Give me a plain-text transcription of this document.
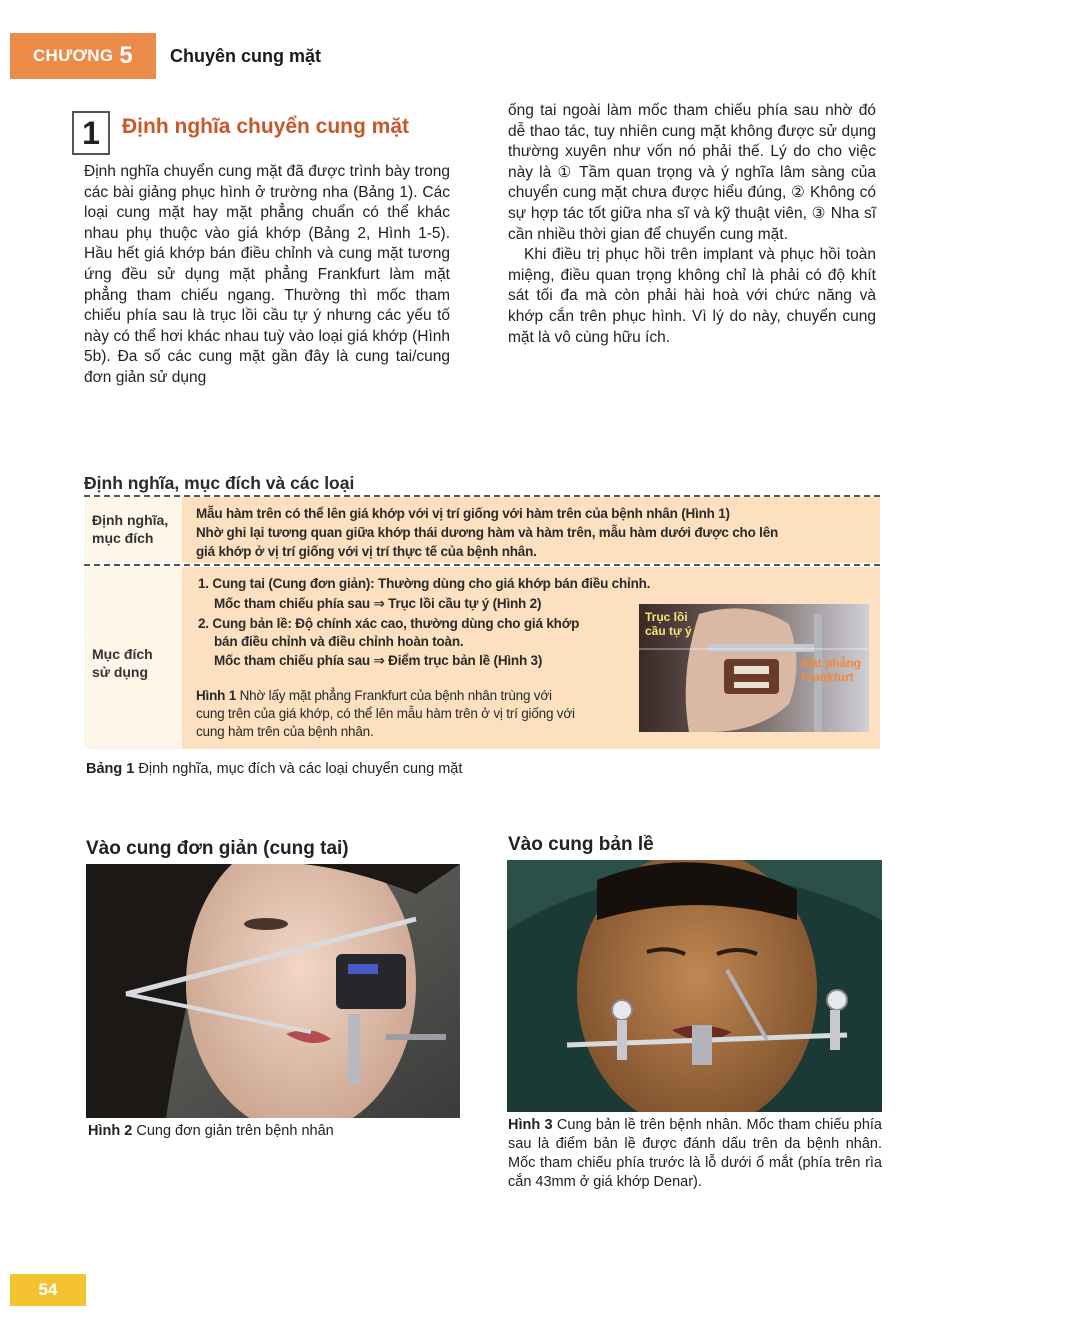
CHƯƠNG 5 Chuyên cung mặt
1	Định nghĩa chuyển cung mặt

Định nghĩa chuyển cung mặt đã được trình bày trong các bài giảng phục hình ở trường nha (Bảng 1). Các loại cung mặt hay mặt phẳng chuẩn có thể khác nhau phụ thuộc vào giá khớp (Bảng 2, Hình 1-5). Hầu hết giá khớp bán điều chỉnh và cung mặt tương ứng đều sử dụng mặt phẳng Frankfurt làm mặt phẳng tham chiếu ngang. Thường thì mốc tham chiếu phía sau là trục lồi cầu tự ý nhưng các yếu tố này có thể hơi khác nhau tuỳ vào loại giá khớp (Hình 5b). Đa số các cung mặt gần đây là cung tai/cung đơn giản sử dụng

ống tai ngoài làm mốc tham chiếu phía sau nhờ đó dễ thao tác, tuy nhiên cung mặt không được sử dụng thường xuyên như vốn nó phải thế. Lý do cho việc này là ① Tầm quan trọng và ý nghĩa lâm sàng của chuyển cung mặt chưa được hiểu đúng, ② Không có sự hợp tác tốt giữa nha sĩ và kỹ thuật viên, ③ Nha sĩ cần nhiều thời gian để chuyển cung mặt.

Khi điều trị phục hồi trên implant và phục hồi toàn miệng, điều quan trọng không chỉ là phải có độ khít sát tối đa mà còn phải hài hoà với chức năng và khớp cắn trên phục hình. Vì lý do này, chuyển cung mặt là vô cùng hữu ích.

Định nghĩa, mục đích và các loại
Định nghĩa,
mục đích
Mẫu hàm trên có thể lên giá khớp với vị trí giống với hàm trên của bệnh nhân (Hình 1)
Nhờ ghi lại tương quan giữa khớp thái dương hàm và hàm trên, mẫu hàm dưới được cho lên
giá khớp ở vị trí giống với vị trí thực tế của bệnh nhân.
Mục đích
sử dụng
1. Cung tai (Cung đơn giản): Thường dùng cho giá khớp bán điều chỉnh.
Mốc tham chiếu phía sau ⇒ Trục lồi cầu tự ý (Hình 2)
2. Cung bản lề: Độ chính xác cao, thường dùng cho giá khớp
bán điều chỉnh và điều chỉnh hoàn toàn.
Mốc tham chiếu phía sau ⇒ Điểm trục bản lề (Hình 3)
Hình 1 Nhờ lấy mặt phẳng Frankfurt của bệnh nhân trùng với
cung trên của giá khớp, có thể lên mẫu hàm trên ở vị trí giống với
cung hàm trên của bệnh nhân.
Trục lồi
cầu tự ý
Mặt phẳng
Frankfurt
Bảng 1 Định nghĩa, mục đích và các loại chuyển cung mặt
Vào cung đơn giản (cung tai)	Vào cung bản lề
Hình 2 Cung đơn giản trên bệnh nhân	Hình 3 Cung bản lề trên bệnh nhân. Mốc tham chiếu phía sau là điểm bản lề được đánh dấu trên da bệnh nhân. Mốc tham chiếu phía trước là lỗ dưới ổ mắt (phía trên rìa cắn 43mm ở giá khớp Denar).
54
